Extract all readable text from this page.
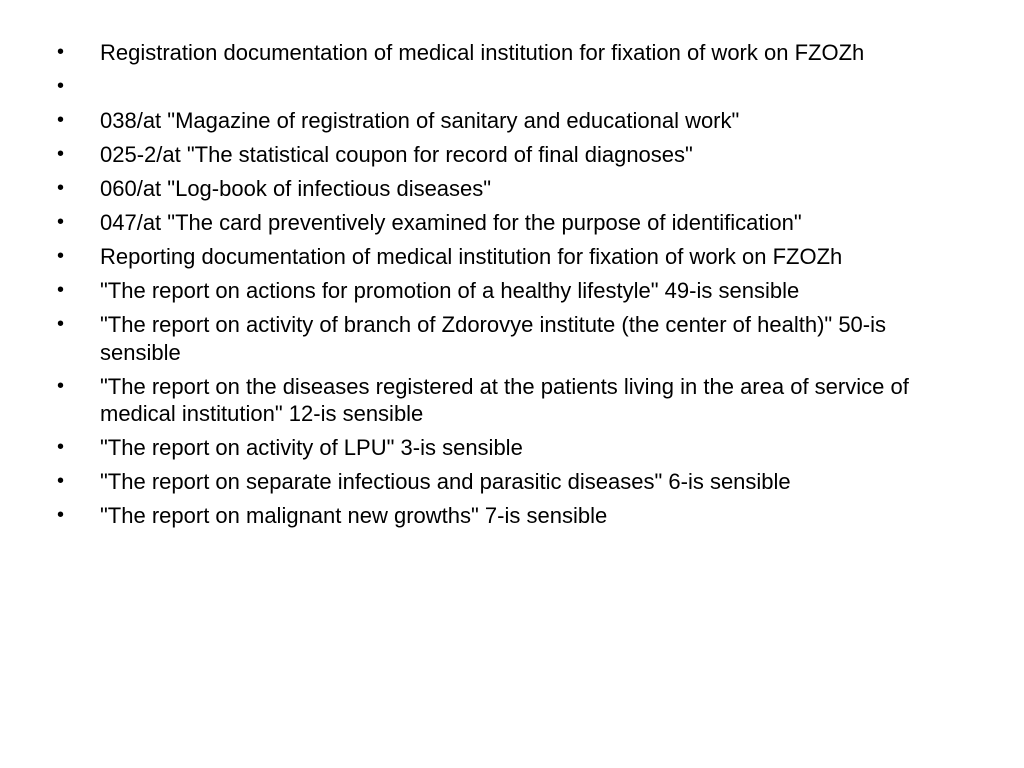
• Registration documentation of medical institution for fixation of work on FZOZh
•
• 038/at "Magazine of registration of sanitary and educational work"
• 025-2/at "The statistical coupon for record of final diagnoses"
• 060/at "Log-book of infectious diseases"
• 047/at "The card preventively examined for the purpose of identification"
• Reporting documentation of medical institution for fixation of work on FZOZh
• "The report on actions for promotion of a healthy lifestyle" 49-is sensible
• "The report on activity of branch of Zdorovye institute (the center of health)" 50-is sensible
• "The report on the diseases registered at the patients living in the area of service of medical institution" 12-is sensible
• "The report on activity of LPU" 3-is sensible
• "The report on separate infectious and parasitic diseases" 6-is sensible
• "The report on malignant new growths" 7-is sensible
